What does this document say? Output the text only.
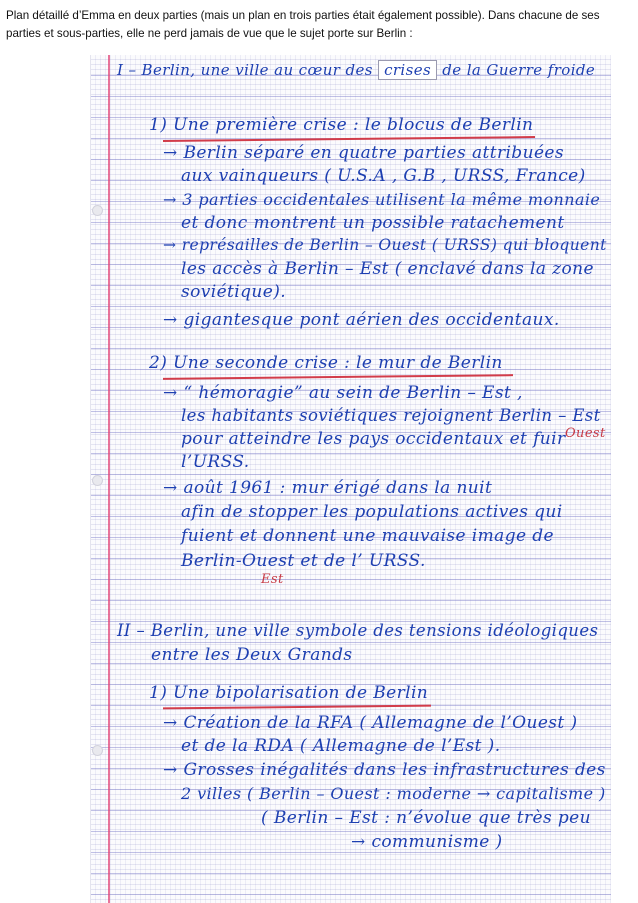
Plan détaillé d’Emma en deux parties (mais un plan en trois parties était également possible). Dans chacune de ses parties et sous-parties, elle ne perd jamais de vue que le sujet porte sur Berlin :
I – Berlin, une ville au cœur des crises de la Guerre froide
1) Une première crise : le blocus de Berlin
→ Berlin séparé en quatre parties attribuées
aux vainqueurs ( U.S.A , G.B , URSS, France)
→ 3 parties occidentales utilisent la même monnaie
et donc montrent un possible ratachement
→ représailles de Berlin – Ouest ( URSS) qui bloquent
les accès à Berlin – Est ( enclavé dans la zone
soviétique).
→ gigantesque pont aérien des occidentaux.
2) Une seconde crise : le mur de Berlin
→ “ hémoragie” au sein de Berlin – Est ,
les habitants soviétiques rejoignent Berlin – Est
Ouest
pour atteindre les pays occidentaux et fuir
l’URSS.
→ août 1961 : mur érigé dans la nuit
afin de stopper les populations actives qui
fuient et donnent une mauvaise image de
Berlin-Ouest et de l’ URSS.
Est
II – Berlin, une ville symbole des tensions idéologiques
entre les Deux Grands
1) Une bipolarisation de Berlin
→ Création de la RFA ( Allemagne de l’Ouest )
et de la RDA ( Allemagne de l’Est ).
→ Grosses inégalités dans les infrastructures des
2 villes ( Berlin – Ouest : moderne → capitalisme )
( Berlin – Est : n’évolue que très peu
→ communisme )
